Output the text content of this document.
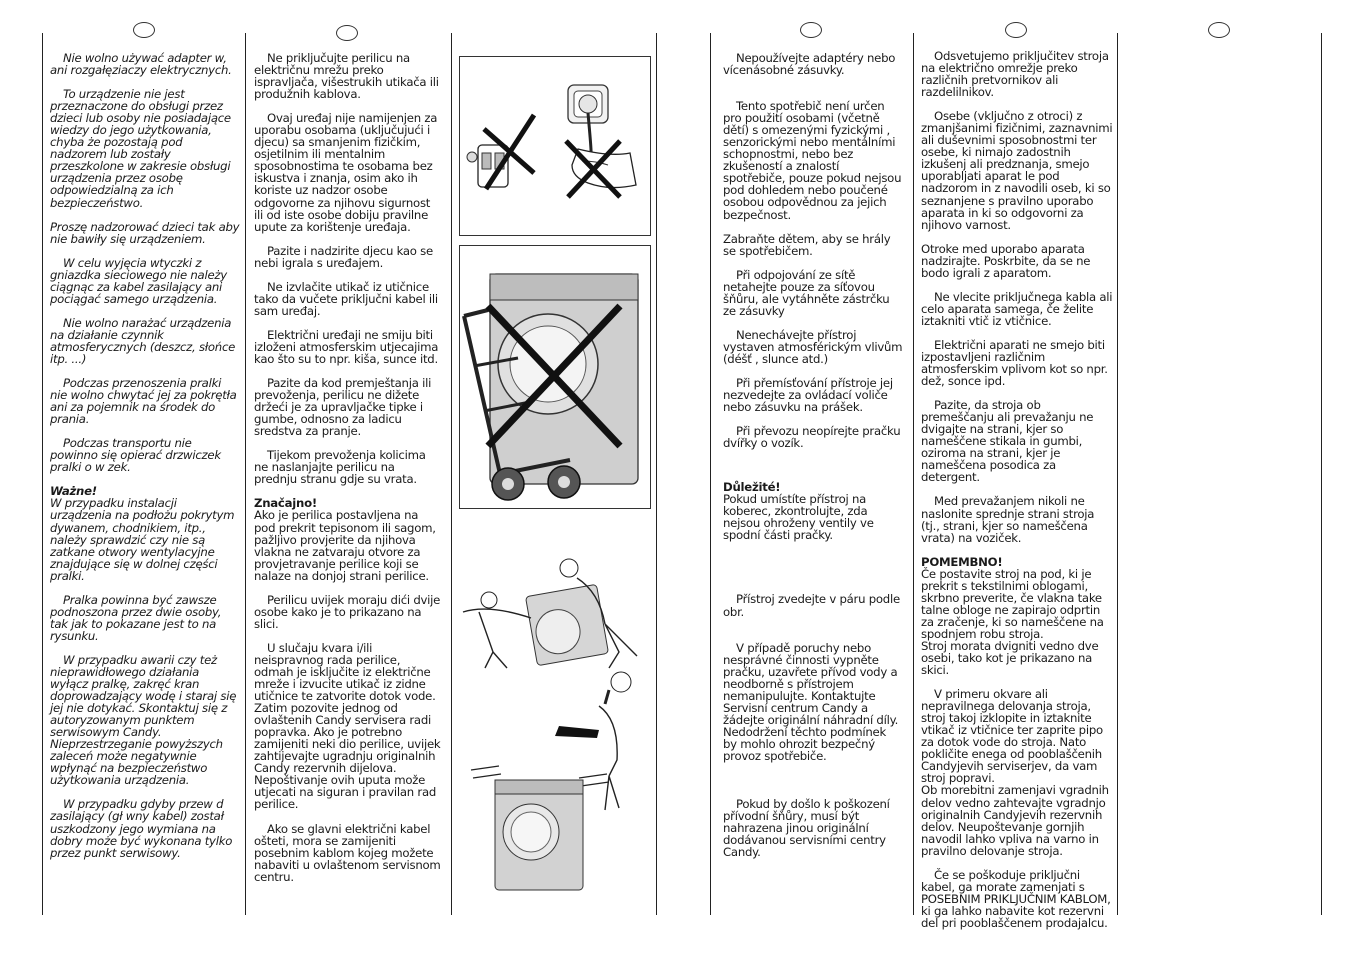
Nie wolno używać adapter w, ani rozgałęziaczy elektrycznych.

To urządzenie nie jest przeznaczone do obsługi przez dzieci lub osoby nie posiadające wiedzy do jego użytkowania, chyba że pozostają pod nadzorem lub zostały przeszkolone w zakresie obsługi urządzenia przez osobę odpowiedzialną za ich bezpieczeństwo.

Proszę nadzorować dzieci tak aby nie bawiły się urządzeniem.

W celu wyjęcia wtyczki z gniazdka sieciowego nie należy ciągnąc za kabel zasilający ani pociągać samego urządzenia.

Nie wolno narażać urządzenia na działanie czynnik atmosferycznych (deszcz, słońce itp. ...)

Podczas przenoszenia pralki nie wolno chwytać jej za pokrętła ani za pojemnik na środek do prania.

Podczas transportu nie powinno się opierać drzwiczek pralki o w zek.

Ważne!
W przypadku instalacji urządzenia na podłożu pokrytym dywanem, chodnikiem, itp., należy sprawdzić czy nie są zatkane otwory wentylacyjne znajdujące się w dolnej części pralki.

Pralka powinna być zawsze podnoszona przez dwie osoby, tak jak to pokazane jest to na rysunku.

W przypadku awarii czy też nieprawidłowego działania wyłącz pralkę, zakręć kran doprowadzający wodę i staraj się jej nie dotykać. Skontaktuj się z autoryzowanym punktem serwisowym Candy. Nieprzestrzeganie powyższych zaleceń może negatywnie wpłynąć na bezpieczeństwo użytkowania urządzenia.

W przypadku gdyby przew d zasilający (gł wny kabel) został uszkodzony jego wymiana na dobry może być wykonana tylko przez punkt serwisowy.

Ne priključujte perilicu na električnu mrežu preko ispravljača, višestrukih utikača ili produžnih kablova.

Ovaj uređaj nije namijenjen za uporabu osobama (uključujući i djecu) sa smanjenim fizičkim, osjetilnim ili mentalnim sposobnostima te osobama bez iskustva i znanja, osim ako ih koriste uz nadzor osobe odgovorne za njihovu sigurnost ili od iste osobe dobiju pravilne upute za korištenje uređaja.

Pazite i nadzirite djecu kao se nebi igrala s uređajem.

Ne izvlačite utikač iz utičnice tako da vučete priključni kabel ili sam uređaj.

Električni uređaji ne smiju biti izloženi atmosferskim utjecajima kao što su to npr. kiša, sunce itd.

Pazite da kod premještanja ili prevoženja, perilicu ne dižete držeći je za upravljačke tipke i gumbe, odnosno za ladicu sredstva za pranje.

Tijekom prevoženja kolicima ne naslanjajte perilicu na prednju stranu gdje su vrata.

Značajno!
Ako je perilica postavljena na pod prekrit tepisonom ili sagom, pažljivo provjerite da njihova vlakna ne zatvaraju otvore za provjetravanje perilice koji se nalaze na donjoj strani perilice.

Perilicu uvijek moraju dići dvije osobe kako je to prikazano na slici.

U slučaju kvara i/ili neispravnog rada perilice, odmah je isključite iz električne mreže i izvucite utikač iz zidne utičnice te zatvorite dotok vode. Zatim pozovite jednog od ovlaštenih Candy servisera radi popravka. Ako je potrebno zamijeniti neki dio perilice, uvijek zahtijevajte ugradnju originalnih Candy rezervnih dijelova. Nepoštivanje ovih uputa može utjecati na siguran i pravilan rad perilice.

Ako se glavni električni kabel ošteti, mora se zamijeniti posebnim kablom kojeg možete nabaviti u ovlaštenom servisnom centru.

Nepoužívejte adaptéry nebo vícenásobné zásuvky.

Tento spotřebič není určen pro použití osobami (včetně dětí) s omezenými fyzickými , senzorickými nebo mentálními schopnostmi, nebo bez zkušeností a znalostí spotřebiče, pouze pokud nejsou pod dohledem nebo poučené osobou odpovědnou za jejich bezpečnost.

Zabraňte dětem, aby se hrály se spotřebičem.

Při odpojování ze sítě netahejte pouze za síťovou šňůru, ale vytáhněte zástrčku ze zásuvky

Nenechávejte přístroj vystaven atmosférickým vlivům (déšť , slunce atd.)

Při přemísťování přístroje jej nezvedejte za ovládací voliče nebo zásuvku na prášek.

Při převozu neopírejte pračku dvířky o vozík.

Důležité!
Pokud umístíte přístroj na koberec, zkontrolujte, zda nejsou ohroženy ventily ve spodní části pračky.

Přístroj zvedejte v páru podle obr.

V případě poruchy nebo nesprávné činnosti vypněte pračku, uzavřete přívod vody a neodborně s přístrojem nemanipulujte. Kontaktujte Servisní centrum Candy a žádejte originální náhradní díly. Nedodržení těchto podmínek by mohlo ohrozit bezpečný provoz spotřebiče.

Pokud by došlo k poškození přívodní šňůry, musí být nahrazena jinou originální dodávanou servisními centry Candy.

Odsvetujemo priključitev stroja na električno omrežje preko različnih pretvornikov ali razdelilnikov.

Osebe (vključno z otroci) z zmanjšanimi fizičnimi, zaznavnimi ali duševnimi sposobnostmi ter osebe, ki nimajo zadostnih izkušenj ali predznanja, smejo uporabljati aparat le pod nadzorom in z navodili oseb, ki so seznanjene s pravilno uporabo aparata in ki so odgovorni za njihovo varnost.

Otroke med uporabo aparata nadzirajte. Poskrbite, da se ne bodo igrali z aparatom.

Ne vlecite priključnega kabla ali celo aparata samega, če želite iztakniti vtič iz vtičnice.

Električni aparati ne smejo biti izpostavljeni različnim atmosferskim vplivom kot so npr. dež, sonce ipd.

Pazite, da stroja ob premeščanju ali prevažanju ne dvigajte na strani, kjer so nameščene stikala in gumbi, oziroma na strani, kjer je nameščena posodica za detergent.

Med prevažanjem nikoli ne naslonite sprednje strani stroja (tj., strani, kjer so nameščena vrata) na voziček.

POMEMBNO!
Če postavite stroj na pod, ki je prekrit s tekstilnimi oblogami, skrbno preverite, če vlakna take talne obloge ne zapirajo odprtin za zračenje, ki so nameščene na spodnjem robu stroja.
Stroj morata dvigniti vedno dve osebi, tako kot je prikazano na skici.

V primeru okvare ali nepravilnega delovanja stroja, stroj takoj izklopite in iztaknite vtikač iz vtičnice ter zaprite pipo za dotok vode do stroja. Nato pokličite enega od pooblaščenih Candyjevih serviserjev, da vam stroj popravi.
Ob morebitni zamenjavi vgradnih delov vedno zahtevajte vgradnjo originalnih Candyjevih rezervnih delov. Neupoštevanje gornjih navodil lahko vpliva na varno in pravilno delovanje stroja.

Če se poškoduje priključni kabel, ga morate zamenjati s POSEBNIM PRIKLJUČNIM KABLOM, ki ga lahko nabavite kot rezervni del pri pooblaščenem prodajalcu.
